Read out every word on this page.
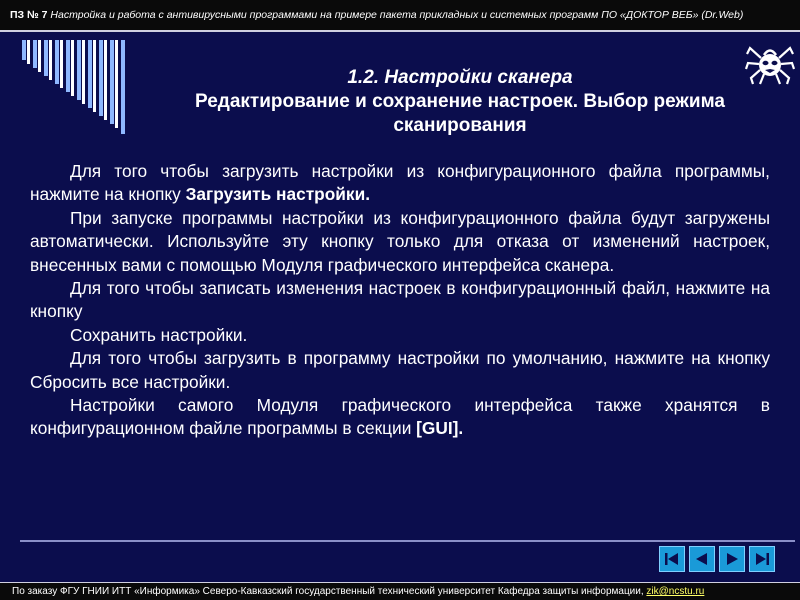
ПЗ № 7 Настройка и работа с антивирусными программами на примере пакета прикладных и системных программ ПО «ДОКТОР ВЕБ» (Dr.Web)
1.2. Настройки сканера
Редактирование и сохранение настроек. Выбор режима сканирования

Для того чтобы загрузить настройки из конфигурационного файла программы, нажмите на кнопку Загрузить настройки.

При запуске программы настройки из конфигурационного файла будут загружены автоматически. Используйте эту кнопку только для отказа от изменений настроек, внесенных вами с помощью Модуля графического интерфейса сканера.

Для того чтобы записать изменения настроек в конфигурационный файл, нажмите на кнопку

Сохранить настройки.

Для того чтобы загрузить в программу настройки по умолчанию, нажмите на кнопку Сбросить все настройки.

Настройки самого Модуля графического интерфейса также хранятся в конфигурационном файле программы в секции [GUI].

По заказу ФГУ ГНИИ ИТТ «Информика» Северо-Кавказский государственный технический университет Кафедра защиты информации, zik@ncstu.ru
